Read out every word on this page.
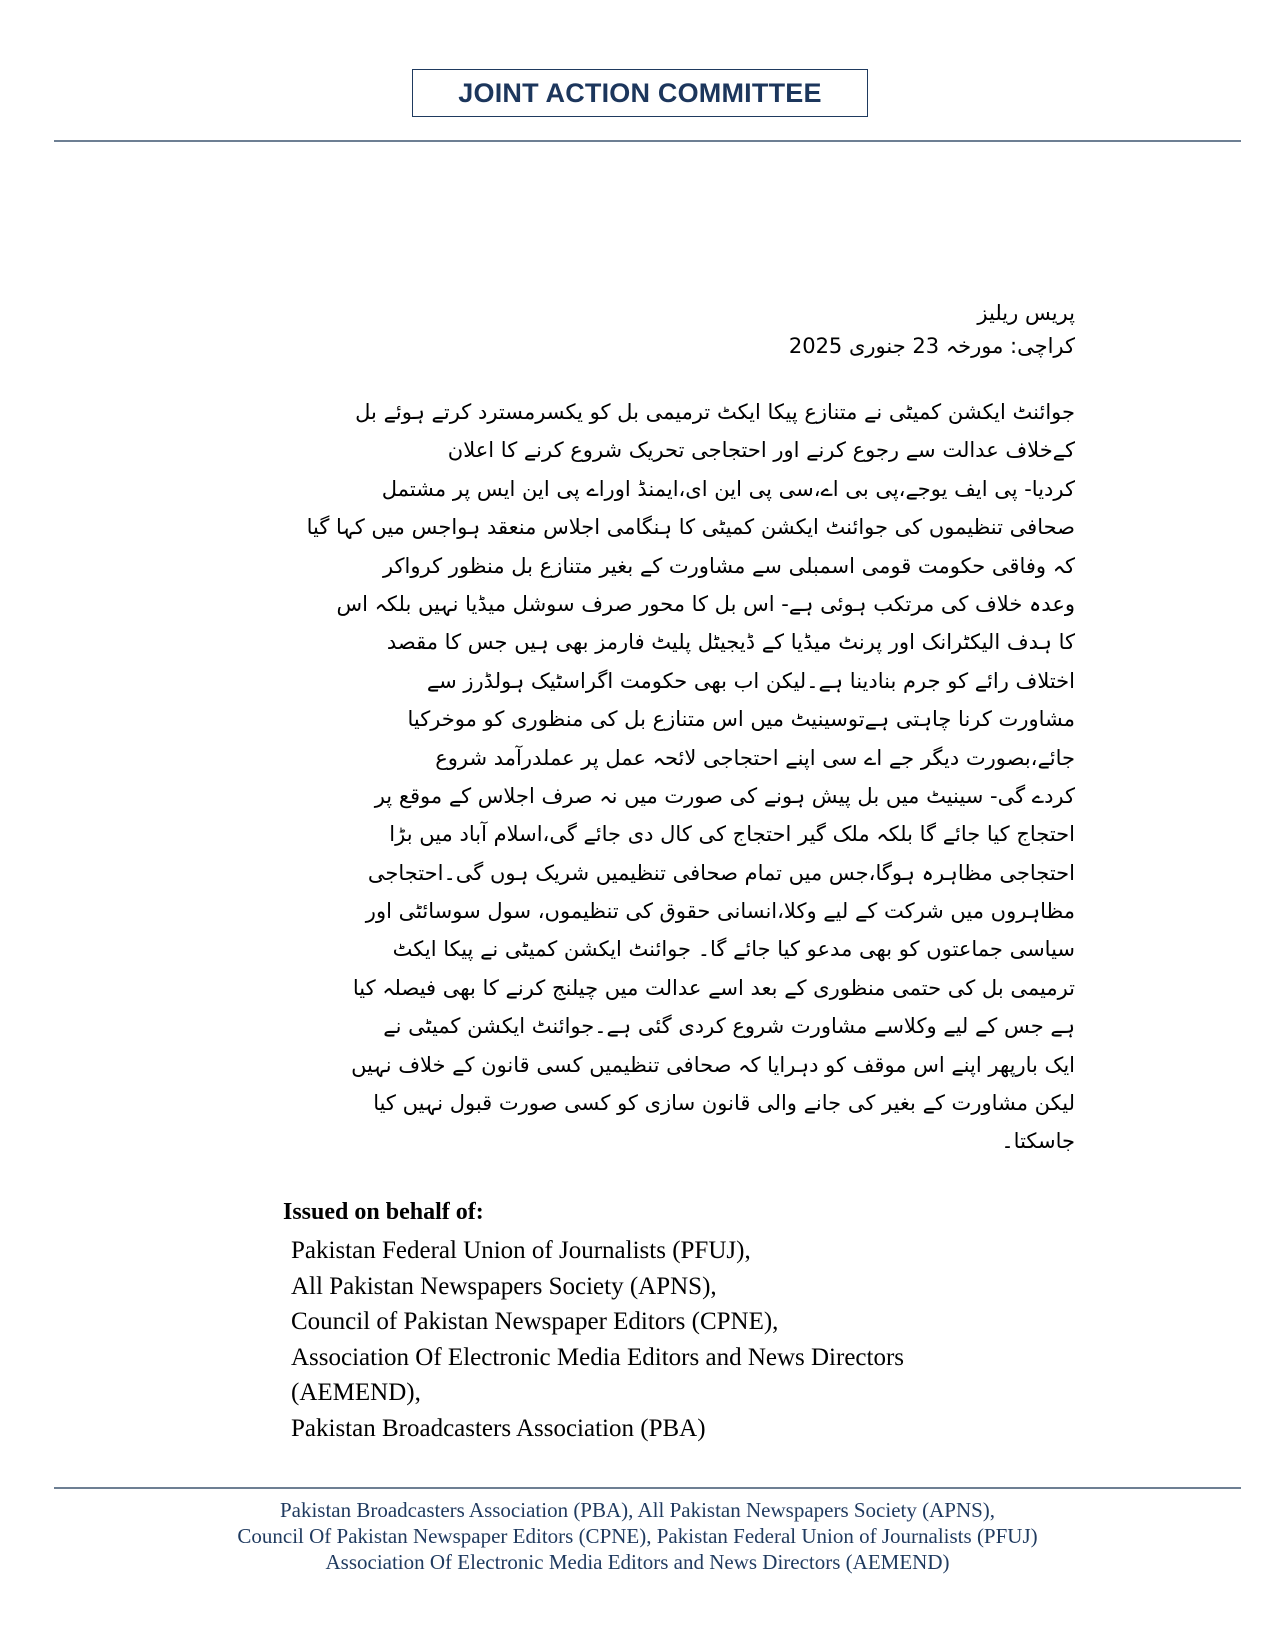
JOINT ACTION COMMITTEE
پریس ریلیز
کراچی: مورخہ 23 جنوری 2025
جوائنٹ ایکشن کمیٹی نے متنازع پیکا ایکٹ ترمیمی بل کو یکسرمسترد کرتے ہوئے بل
کےخلاف عدالت سے رجوع کرنے اور احتجاجی تحریک شروع کرنے کا اعلان
کردیا- پی ایف یوجے،پی بی اے،سی پی این ای،ایمنڈ اوراے پی این ایس پر مشتمل
صحافی تنظیموں کی جوائنٹ ایکشن کمیٹی کا ہنگامی اجلاس منعقد ہواجس میں کہا گیا
کہ وفاقی حکومت قومی اسمبلی سے مشاورت کے بغیر متنازع بل منظور کرواکر
وعدہ خلاف کی مرتکب ہوئی ہے- اس بل کا محور صرف سوشل میڈیا نہیں بلکہ اس
کا ہدف الیکٹرانک اور پرنٹ میڈیا کے ڈیجیٹل پلیٹ فارمز بھی ہیں جس کا مقصد
اختلاف رائے کو جرم بنادینا ہے۔لیکن اب بھی حکومت اگراسٹیک ہولڈرز سے
مشاورت کرنا چاہتی ہےتوسینیٹ میں اس متنازع بل کی منظوری کو موخرکیا
جائے،بصورت دیگر جے اے سی اپنے احتجاجی لائحہ عمل پر عملدرآمد شروع
کردے گی- سینیٹ میں بل پیش ہونے کی صورت میں نہ صرف اجلاس کے موقع پر
احتجاج کیا جائے گا بلکہ ملک گیر احتجاج کی کال دی جائے گی،اسلام آباد میں بڑا
احتجاجی مظاہرہ ہوگا،جس میں تمام صحافی تنظیمیں شریک ہوں گی۔احتجاجی
مظاہروں میں شرکت کے لیے وکلا،انسانی حقوق کی تنظیموں، سول سوسائٹی اور
سیاسی جماعتوں کو بھی مدعو کیا جائے گا۔ جوائنٹ ایکشن کمیٹی نے پیکا ایکٹ
ترمیمی بل کی حتمی منظوری کے بعد اسے عدالت میں چیلنج کرنے کا بھی فیصلہ کیا
ہے جس کے لیے وکلاسے مشاورت شروع کردی گئی ہے۔جوائنٹ ایکشن کمیٹی نے
ایک بارپھر اپنے اس موقف کو دہرایا کہ صحافی تنظیمیں کسی قانون کے خلاف نہیں
لیکن مشاورت کے بغیر کی جانے والی قانون سازی کو کسی صورت قبول نہیں کیا
جاسکتا۔
Issued on behalf of:
Pakistan Federal Union of Journalists (PFUJ),
All Pakistan Newspapers Society (APNS),
Council of Pakistan Newspaper Editors (CPNE),
Association Of Electronic Media Editors and News Directors
(AEMEND),
Pakistan Broadcasters Association (PBA)
Pakistan Broadcasters Association (PBA), All Pakistan Newspapers Society (APNS),
Council Of Pakistan Newspaper Editors (CPNE), Pakistan Federal Union of Journalists (PFUJ)
Association Of Electronic Media Editors and News Directors (AEMEND)
